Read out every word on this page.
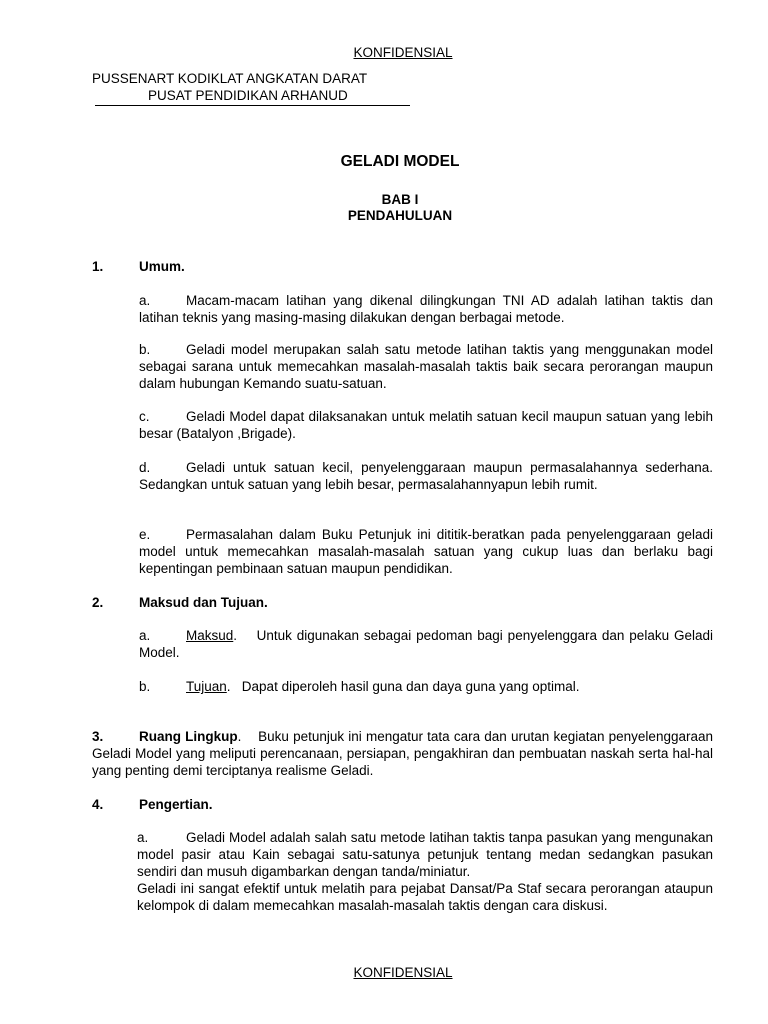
KONFIDENSIAL
PUSSENART KODIKLAT ANGKATAN DARAT
PUSAT PENDIDIKAN ARHANUD
GELADI MODEL
BAB I
PENDAHULUAN
1.	Umum.
a.	Macam-macam latihan yang dikenal dilingkungan TNI AD adalah latihan taktis dan latihan teknis yang masing-masing dilakukan dengan berbagai metode.
b.	Geladi model merupakan salah satu metode latihan taktis yang menggunakan model sebagai sarana untuk memecahkan masalah-masalah taktis baik secara perorangan maupun dalam hubungan Kemando suatu-satuan.
c.	Geladi Model dapat dilaksanakan untuk melatih satuan kecil maupun satuan yang lebih besar (Batalyon ,Brigade).
d.	Geladi untuk satuan kecil, penyelenggaraan maupun permasalahannya sederhana. Sedangkan untuk satuan yang lebih besar, permasalahannyapun lebih rumit.
e.	Permasalahan dalam Buku Petunjuk ini dititik-beratkan pada penyelenggaraan geladi model untuk memecahkan masalah-masalah satuan yang cukup luas dan berlaku bagi kepentingan pembinaan satuan maupun pendidikan.
2.	Maksud dan Tujuan.
a.	Maksud.    Untuk digunakan sebagai pedoman bagi penyelenggara dan pelaku Geladi Model.
b.	Tujuan.   Dapat diperoleh hasil guna dan daya guna yang optimal.
3.	Ruang Lingkup.    Buku petunjuk ini mengatur tata cara dan urutan kegiatan penyelenggaraan Geladi Model yang meliputi perencanaan, persiapan, pengakhiran dan pembuatan naskah serta hal-hal yang penting demi terciptanya realisme Geladi.
4.	Pengertian.
a.	Geladi Model adalah salah satu metode latihan taktis tanpa pasukan yang mengunakan model pasir atau Kain sebagai satu-satunya petunjuk tentang medan sedangkan pasukan sendiri dan musuh digambarkan dengan tanda/miniatur.
Geladi ini sangat efektif untuk melatih para pejabat Dansat/Pa Staf secara perorangan ataupun kelompok di dalam memecahkan masalah-masalah taktis dengan cara diskusi.
KONFIDENSIAL
